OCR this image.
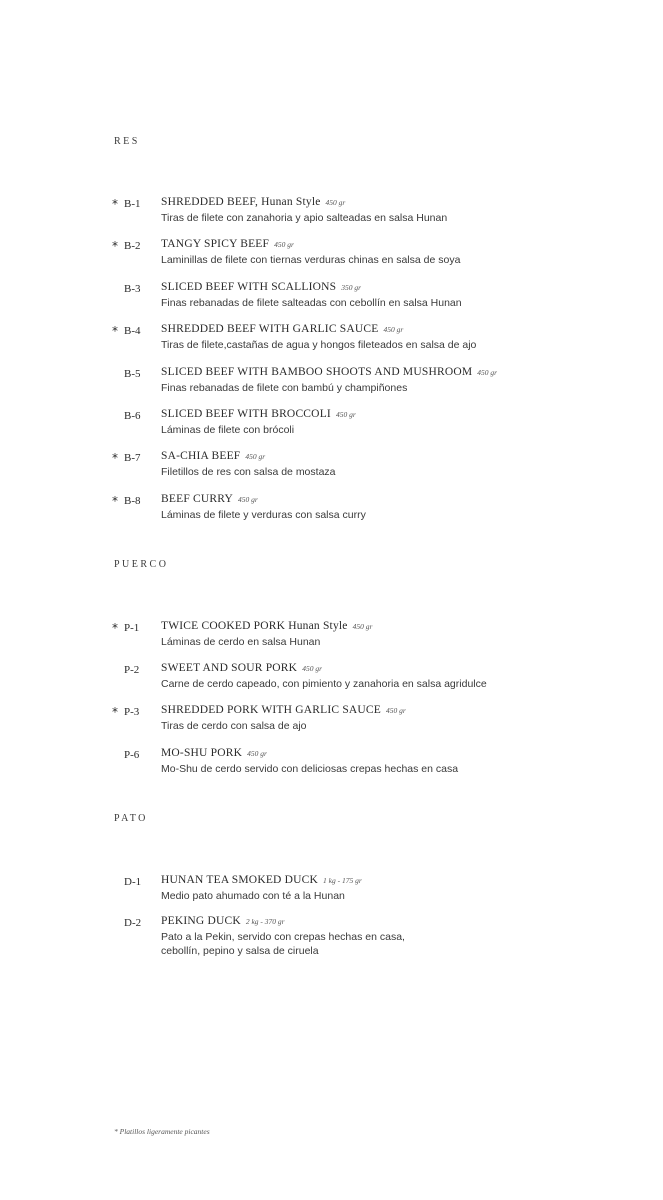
RES
* B-1 SHREDDED BEEF, Hunan Style 450 gr
Tiras de filete con zanahoria y apio salteadas en salsa Hunan
* B-2 TANGY SPICY BEEF 450 gr
Laminillas de filete con tiernas verduras chinas en salsa de soya
B-3 SLICED BEEF WITH SCALLIONS 350 gr
Finas rebanadas de filete salteadas con cebollín en salsa Hunan
* B-4 SHREDDED BEEF WITH GARLIC SAUCE 450 gr
Tiras de filete,castañas de agua y hongos fileteados en salsa de ajo
B-5 SLICED BEEF WITH BAMBOO SHOOTS AND MUSHROOM 450 gr
Finas rebanadas de filete con bambú y champiñones
B-6 SLICED BEEF WITH BROCCOLI 450 gr
Láminas de filete con brócoli
* B-7 SA-CHIA BEEF 450 gr
Filetillos de res con salsa de mostaza
* B-8 BEEF CURRY 450 gr
Láminas de filete y verduras con salsa curry
PUERCO
* P-1 TWICE COOKED PORK Hunan Style 450 gr
Láminas de cerdo en salsa Hunan
P-2 SWEET AND SOUR PORK 450 gr
Carne de cerdo capeado, con pimiento y zanahoria en salsa agridulce
* P-3 SHREDDED PORK WITH GARLIC SAUCE 450 gr
Tiras de cerdo con salsa de ajo
P-6 MO-SHU PORK 450 gr
Mo-Shu de cerdo servido con deliciosas crepas hechas en casa
PATO
D-1 HUNAN TEA SMOKED DUCK 1 kg - 175 gr
Medio pato ahumado con té a la Hunan
D-2 PEKING DUCK 2 kg - 370 gr
Pato a la Pekin, servido con crepas hechas en casa,
cebollín, pepino y salsa de ciruela
* Platillos ligeramente picantes
